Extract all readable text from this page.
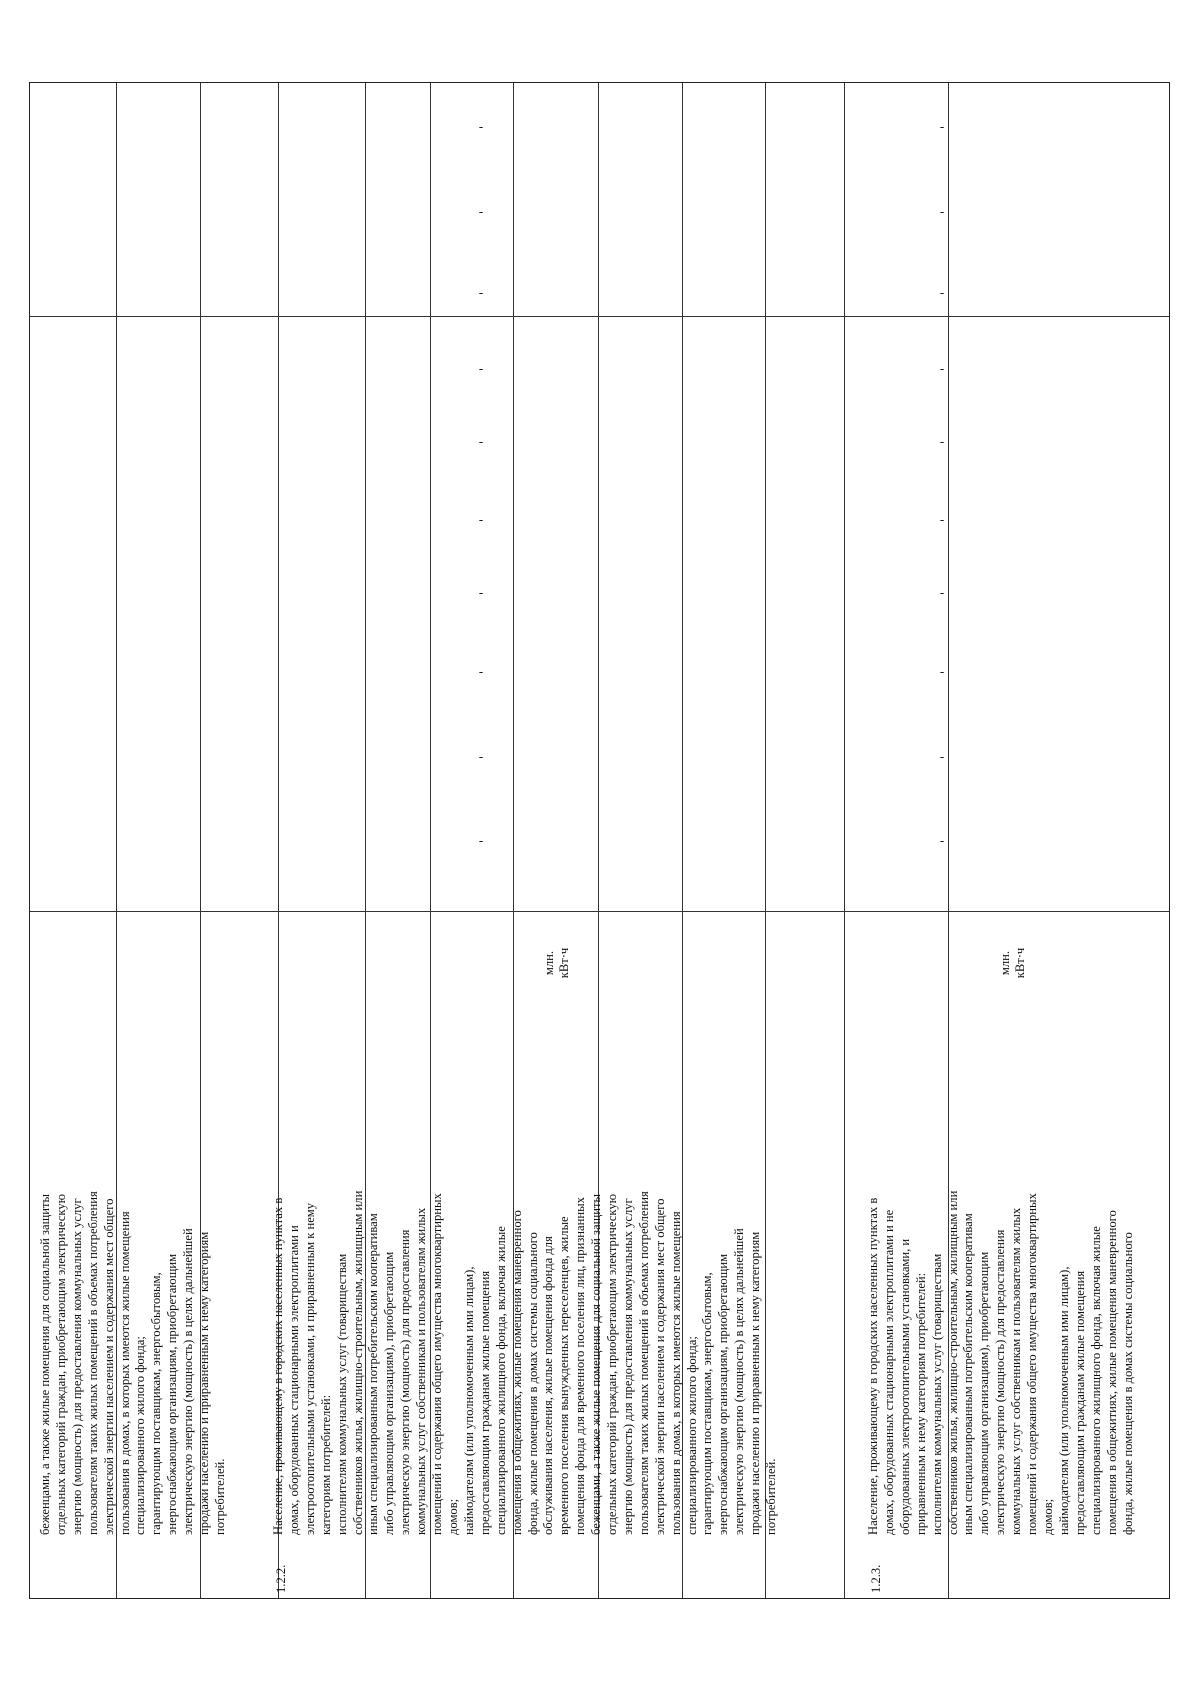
беженцами, а также жилые помещения для социальной защиты
отдельных категорий граждан, приобретающим электрическую
энергию (мощность) для предоставления коммунальных услуг
пользователям таких жилых помещений в объемах потребления
электрической энергии населением и содержания мест общего
пользования в домах, в которых имеются жилые помещения
специализированного жилого фонда;
гарантирующим поставщикам, энергосбытовым,
энергоснабжающим организациям, приобретающим
электрическую энергию (мощность) в целях дальнейшей
продажи населению и приравненным к нему категориям
потребителей.
1.2.2.
Население, проживающему в городских населенных пунктах в
домах, оборудованных стационарными электроплитами и
электроотопительными установками, и приравненным к нему
категориям потребителей:
исполнителям коммунальных услуг (товариществам
собственников жилья, жилищно-строительным, жилищным или
иным специализированным потребительским кооперативам
либо управляющим организациям), приобретающим
электрическую энергию (мощность) для предоставления
коммунальных услуг собственникам и пользователям жилых
помещений и содержания общего имущества многоквартирных
домов;
наймодателям (или уполномоченным ими лицам),
предоставляющим гражданам жилые помещения
специализированного жилищного фонда, включая жилые
помещения в общежитиях, жилые помещения маневренного
фонда, жилые помещения в домах системы социального
обслуживания населения, жилые помещения фонда для
временного поселения вынужденных переселенцев, жилые
помещения фонда для временного поселения лиц, признанных
беженцами, а также жилые помещения для социальной защиты
отдельных категорий граждан, приобретающим электрическую
энергию (мощность) для предоставления коммунальных услуг
пользователям таких жилых помещений в объемах потребления
электрической энергии населением и содержания мест общего
пользования в домах, в которых имеются жилые помещения
специализированного жилого фонда;
гарантирующим поставщикам, энергосбытовым,
энергоснабжающим организациям, приобретающим
электрическую энергию (мощность) в целях дальнейшей
продажи населению и приравненным к нему категориям
потребителей.
млн.
кВт·ч
1.2.3.
Население, проживающему в городских населенных пунктах в
домах, оборудованных стационарными электроплитами и не
оборудованных электроотопительными установками, и
приравненным к нему категориям потребителей:
исполнителям коммунальных услуг (товариществам
собственников жилья, жилищно-строительным, жилищным или
иным специализированным потребительским кооперативам
либо управляющим организациям), приобретающим
электрическую энергию (мощность) для предоставления
коммунальных услуг собственникам и пользователям жилых
помещений и содержания общего имущества многоквартирных
домов;
наймодателям (или уполномоченным ими лицам),
предоставляющим гражданам жилые помещения
специализированного жилищного фонда, включая жилые
помещения в общежитиях, жилые помещения маневренного
фонда, жилые помещения в домах системы социального
млн.
кВт·ч
-
-
-
-
-
-
-
-
-
-
-
-
-
-
-
-
-
-
-
-
